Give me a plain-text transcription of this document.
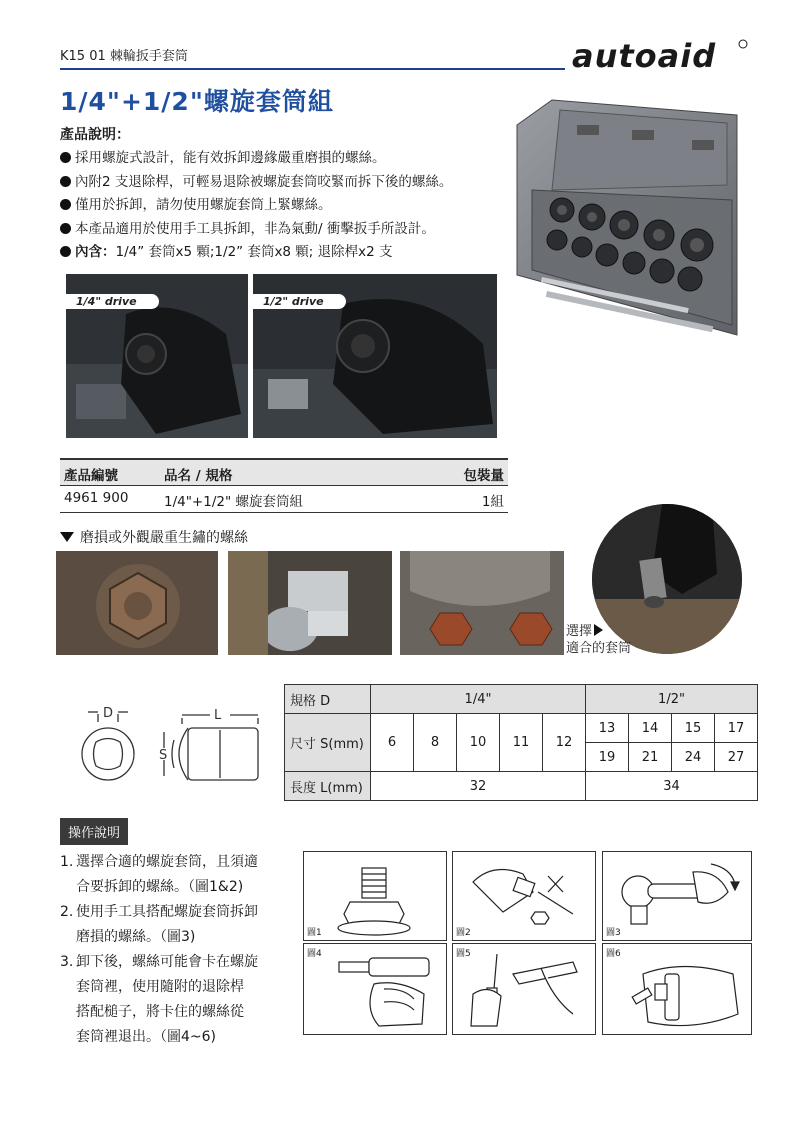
K15 01 棘輪扳手套筒	autoaid
1/4"+1/2"螺旋套筒組
產品說明：
採用螺旋式設計，能有效拆卸邊緣嚴重磨損的螺絲。
內附2 支退除桿，可輕易退除被螺旋套筒咬緊而拆下後的螺絲。
僅用於拆卸，請勿使用螺旋套筒上緊螺絲。
本產品適用於使用手工具拆卸，非為氣動/ 衝擊扳手所設計。
內含：1/4” 套筒x5 顆;1/2” 套筒x8 顆; 退除桿x2 支
1/4" drive	1/2" drive
產品編號	品名 / 規格	包裝量
4961 900	1/4"+1/2" 螺旋套筒組	1組
磨損或外觀嚴重生鏽的螺絲
選擇
適合的套筒
D	L
S
規格 D	1/4"					1/2"			
尺寸 S(mm)	6	8	10	11	12	13	14	15	17
						19	21	24	27
長度 L(mm)	32					34			
操作說明
1. 選擇合適的螺旋套筒，且須適
合要拆卸的螺絲。（圖1&2)
2. 使用手工具搭配螺旋套筒拆卸
磨損的螺絲。（圖3)
3. 卸下後，螺絲可能會卡在螺旋
套筒裡，使用隨附的退除桿
搭配槌子，將卡住的螺絲從
套筒裡退出。（圖4~6)
圖1	圖2	圖3
圖4	圖5	圖6
